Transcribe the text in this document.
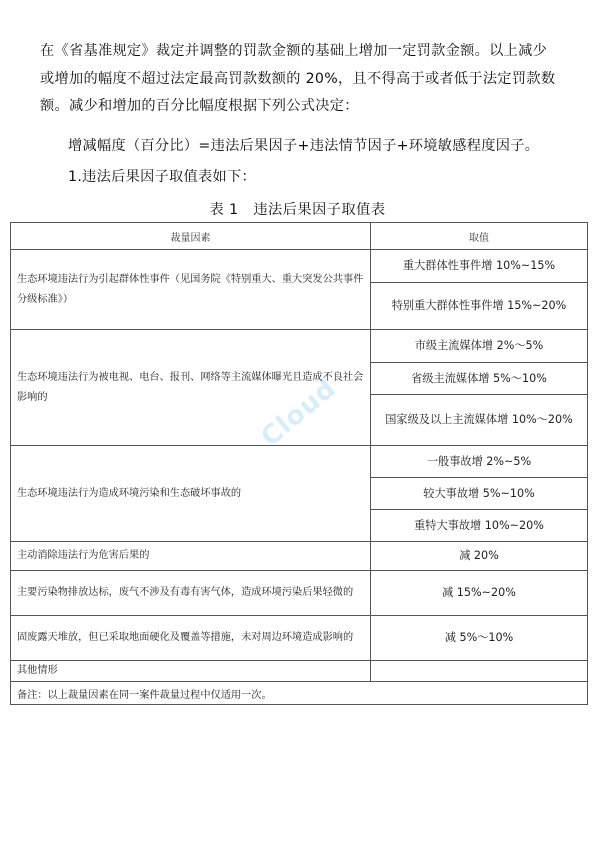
在《省基准规定》裁定并调整的罚款金额的基础上增加一定罚款金额。以上减少或增加的幅度不超过法定最高罚款数额的 20%，且不得高于或者低于法定罚款数额。减少和增加的百分比幅度根据下列公式决定：

增减幅度（百分比）=违法后果因子+违法情节因子+环境敏感程度因子。

1.违法后果因子取值表如下：

表 1　违法后果因子取值表
裁量因素	取值
生态环境违法行为引起群体性事件（见国务院《特别重大、重大突发公共事件分级标准》）	重大群体性事件增 10%~15%
	特别重大群体性事件增 15%~20%
生态环境违法行为被电视、电台、报刊、网络等主流媒体曝光且造成不良社会影响的	市级主流媒体增 2%～5%
	省级主流媒体增 5%～10%
	国家级及以上主流媒体增 10%～20%
生态环境违法行为造成环境污染和生态破坏事故的	一般事故增 2%~5%
	较大事故增 5%~10%
	重特大事故增 10%~20%
主动消除违法行为危害后果的	减 20%
主要污染物排放达标，废气不涉及有毒有害气体，造成环境污染后果轻微的	减 15%~20%
固废露天堆放，但已采取地面硬化及覆盖等措施，未对周边环境造成影响的	减 5%～10%
其他情形	
备注：以上裁量因素在同一案件裁量过程中仅适用一次。	
Cloud
